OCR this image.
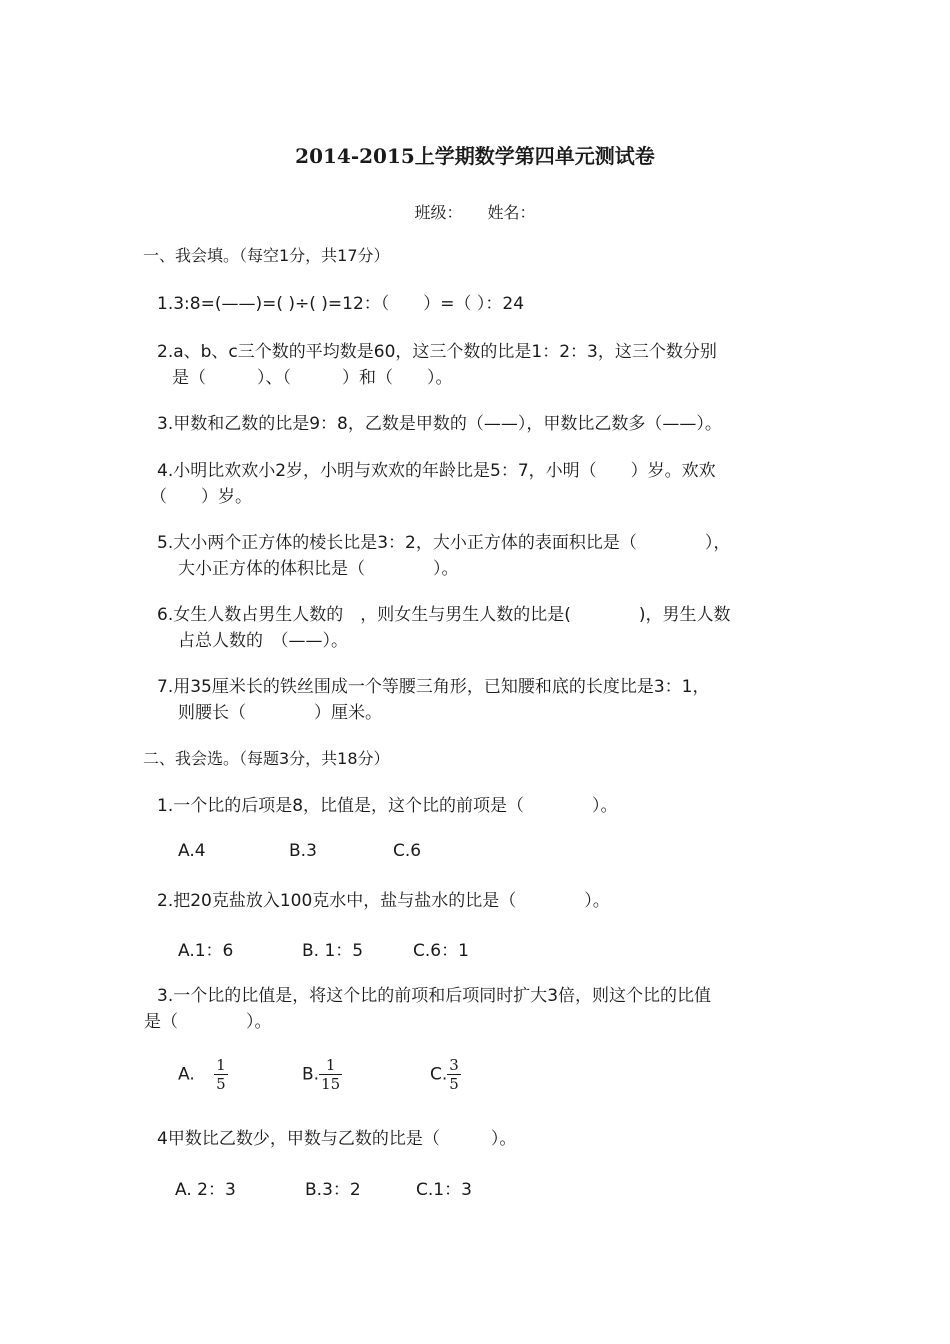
2014-2015上学期数学第四单元测试卷
班级： 姓名：
一、我会填。（每空1分，共17分）
1.3:8=(——)=( )÷( )=12：（　　）=（ ）：24
2.a、b、c三个数的平均数是60，这三个数的比是1：2：3，这三个数分别
是（　　　）、（　　　）和（　　）。
3.甲数和乙数的比是9：8，乙数是甲数的（——），甲数比乙数多（——）。
4.小明比欢欢小2岁，小明与欢欢的年龄比是5：7，小明（　　）岁。欢欢
（　　）岁。
5.大小两个正方体的棱长比是3：2，大小正方体的表面积比是（　　　　），
大小正方体的体积比是（　　　　）。
6.女生人数占男生人数的　，则女生与男生人数的比是(　　　　)，男生人数
占总人数的　（——）。
7.用35厘米长的铁丝围成一个等腰三角形，已知腰和底的长度比是3：1，
则腰长（　　　　）厘米。
二、我会选。（每题3分，共18分）
1.一个比的后项是8，比值是，这个比的前项是（　　　　）。
A.4	B.3	C.6
2.把20克盐放入100克水中，盐与盐水的比是（　　　　）。
A.1：6	B. 1：5	C.6：1
3.一个比的比值是，将这个比的前项和后项同时扩大3倍，则这个比的比值
是（　　　　）。
A. $\frac{1}{5}$	B. $\frac{1}{15}$	C. $\frac{3}{5}$
4甲数比乙数少，甲数与乙数的比是（　　　）。
A. 2：3	B.3：2	C.1：3
